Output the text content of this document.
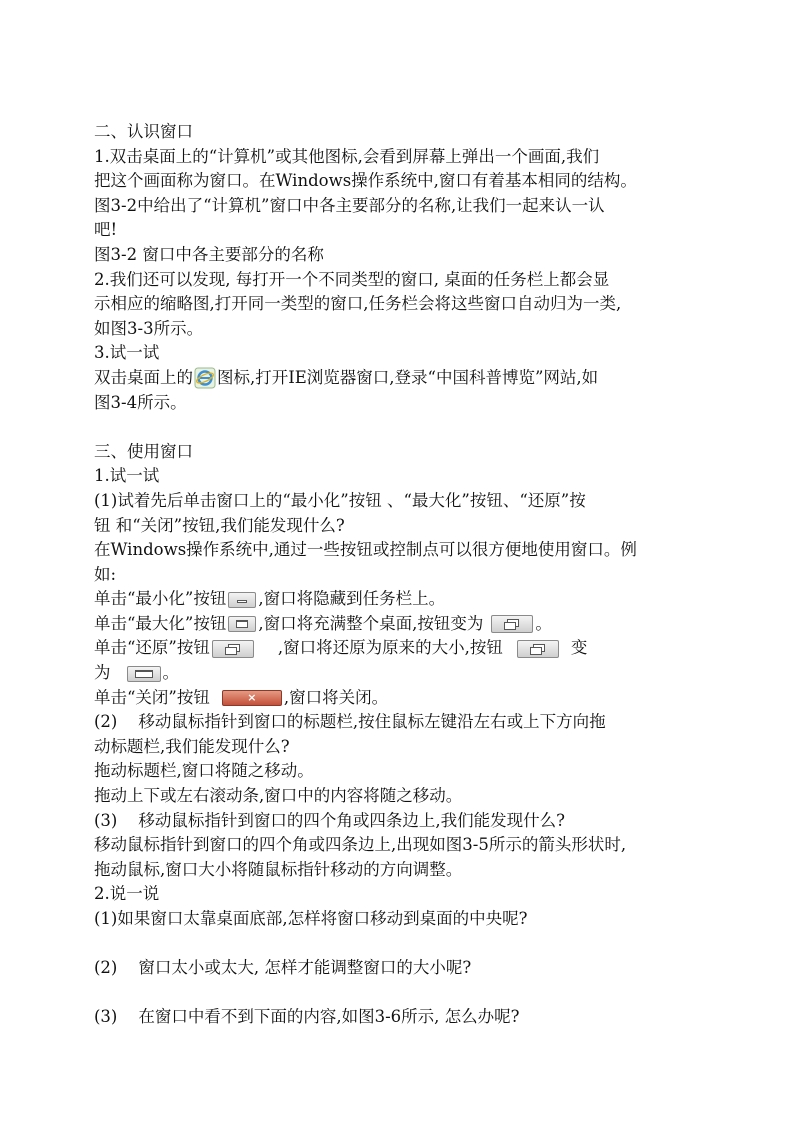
二、认识窗口
1.双击桌面上的“计算机”或其他图标,会看到屏幕上弹出一个画面,我们
把这个画面称为窗口。在Windows操作系统中,窗口有着基本相同的结构。
图3-2中给出了“计算机”窗口中各主要部分的名称,让我们一起来认一认
吧!
图3-2 窗口中各主要部分的名称
2.我们还可以发现, 每打开一个不同类型的窗口, 桌面的任务栏上都会显
示相应的缩略图,打开同一类型的窗口,任务栏会将这些窗口自动归为一类,
如图3-3所示。
3.试一试
双击桌面上的 图标,打开IE浏览器窗口,登录“中国科普博览”网站,如
图3-4所示。
三、使用窗口
1.试一试
(1)试着先后单击窗口上的“最小化”按钮 、“最大化”按钮、“还原”按
钮 和“关闭”按钮,我们能发现什么?
在Windows操作系统中,通过一些按钮或控制点可以很方便地使用窗口。例
如:
单击“最小化”按钮 ,窗口将隐藏到任务栏上。
单击“最大化”按钮 ,窗口将充满整个桌面,按钮变为	。
单击“还原”按钮	,窗口将还原为原来的大小,按钮	变
为	。
单击“关闭”按钮	× ,窗口将关闭。
(2)    移动鼠标指针到窗口的标题栏,按住鼠标左键沿左右或上下方向拖
动标题栏,我们能发现什么?
拖动标题栏,窗口将随之移动。
拖动上下或左右滚动条,窗口中的内容将随之移动。
(3)    移动鼠标指针到窗口的四个角或四条边上,我们能发现什么?
移动鼠标指针到窗口的四个角或四条边上,出现如图3-5所示的箭头形状时,
拖动鼠标,窗口大小将随鼠标指针移动的方向调整。
2.说一说
(1)如果窗口太靠桌面底部,怎样将窗口移动到桌面的中央呢?
(2)    窗口太小或太大, 怎样才能调整窗口的大小呢?
(3)    在窗口中看不到下面的内容,如图3-6所示, 怎么办呢?
